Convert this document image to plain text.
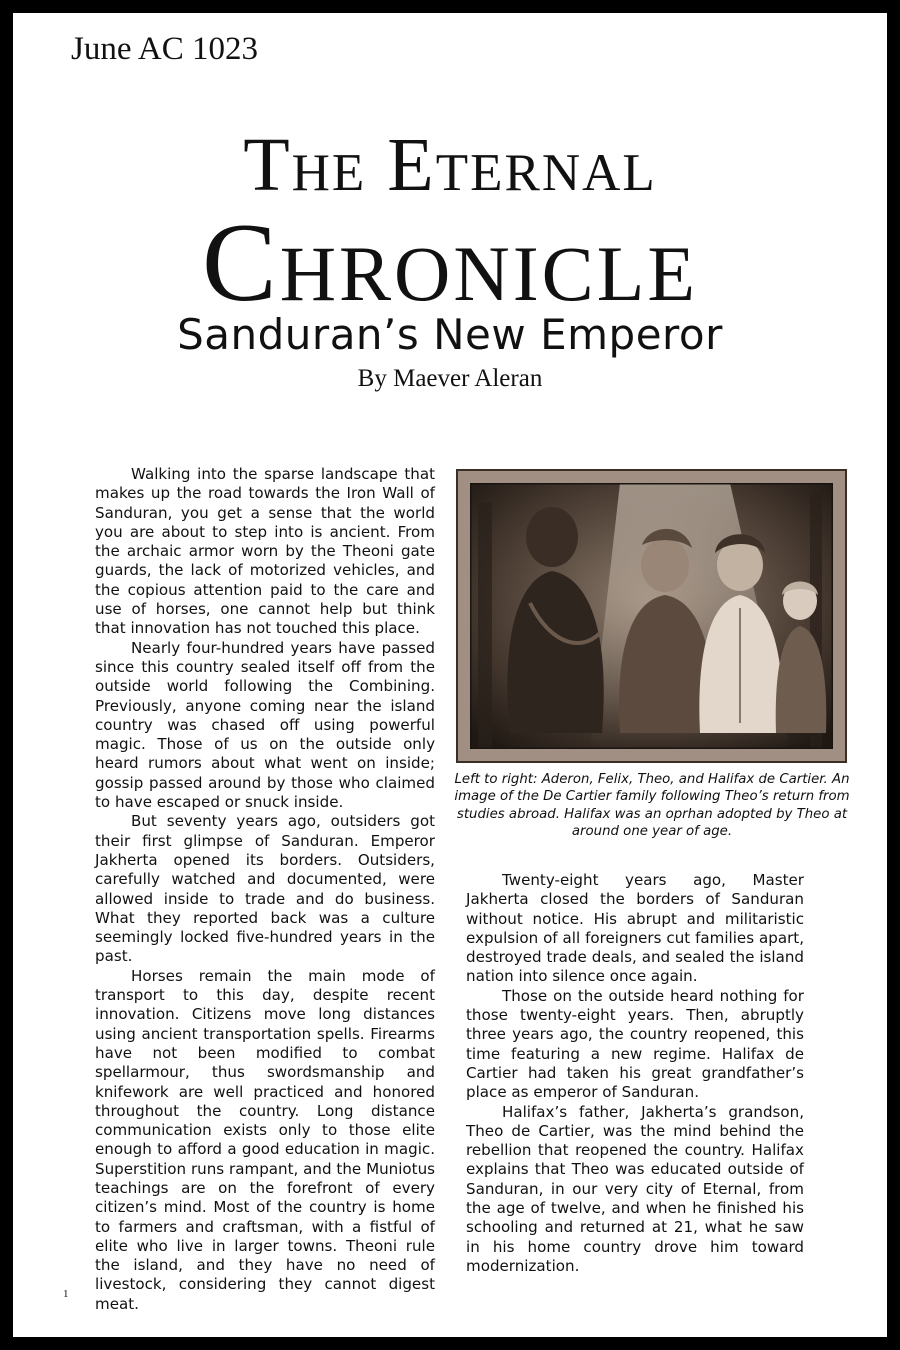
June AC 1023
The Eternal
Chronicle
Sanduran’s New Emperor
By Maever Aleran

Walking into the sparse landscape that makes up the road towards the Iron Wall of Sanduran, you get a sense that the world you are about to step into is ancient. From the archaic armor worn by the Theoni gate guards, the lack of motorized vehicles, and the copious attention paid to the care and use of horses, one cannot help but think that innovation has not touched this place.

Nearly four-hundred years have passed since this country sealed itself off from the outside world following the Combining. Previously, anyone coming near the island country was chased off using powerful magic. Those of us on the outside only heard rumors about what went on inside; gossip passed around by those who claimed to have escaped or snuck inside.

But seventy years ago, outsiders got their first glimpse of Sanduran. Emperor Jakherta opened its borders. Outsiders, carefully watched and documented, were allowed inside to trade and do business. What they reported back was a culture seemingly locked five-hundred years in the past.

Horses remain the main mode of transport to this day, despite recent innovation. Citizens move long distances using ancient transportation spells. Firearms have not been modified to combat spellarmour, thus swordsmanship and knifework are well practiced and honored throughout the country. Long distance communication exists only to those elite enough to afford a good education in magic. Superstition runs rampant, and the Muniotus teachings are on the forefront of every citizen’s mind. Most of the country is home to farmers and craftsman, with a fistful of elite who live in larger towns. Theoni rule the island, and they have no need of livestock, considering they cannot digest meat.

Left to right: Aderon, Felix, Theo, and Halifax de Cartier. An image of the De Cartier family following Theo’s return from studies abroad. Halifax was an oprhan adopted by Theo at around one year of age.

Twenty-eight years ago, Master Jakherta closed the borders of Sanduran without notice. His abrupt and militaristic expulsion of all foreigners cut families apart, destroyed trade deals, and sealed the island nation into silence once again.

Those on the outside heard nothing for those twenty-eight years. Then, abruptly three years ago, the country reopened, this time featuring a new regime. Halifax de Cartier had taken his great grandfather’s place as emperor of Sanduran.

Halifax’s father, Jakherta’s grandson, Theo de Cartier, was the mind behind the rebellion that reopened the country. Halifax explains that Theo was educated outside of Sanduran, in our very city of Eternal, from the age of twelve, and when he finished his schooling and returned at 21, what he saw in his home country drove him toward modernization.

1
